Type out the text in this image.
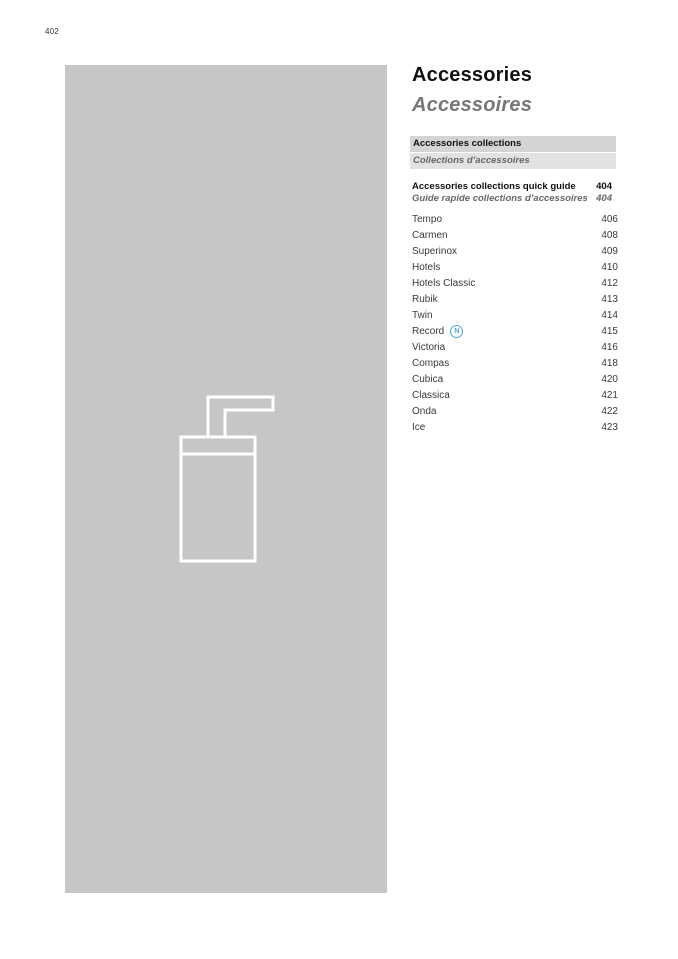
402
Accessories
Accessoires
Accessories collections
Collections d’accessoires
Accessories collections quick guide 404
Guide rapide collections d’accessoires 404
Tempo	406
Carmen	408
Superinox	409
Hotels	410
Hotels Classic	412
Rubik	413
Twin	414
Record	N	415
Victoria	416
Compas	418
Cubica	420
Classica	421
Onda	422
Ice	423
